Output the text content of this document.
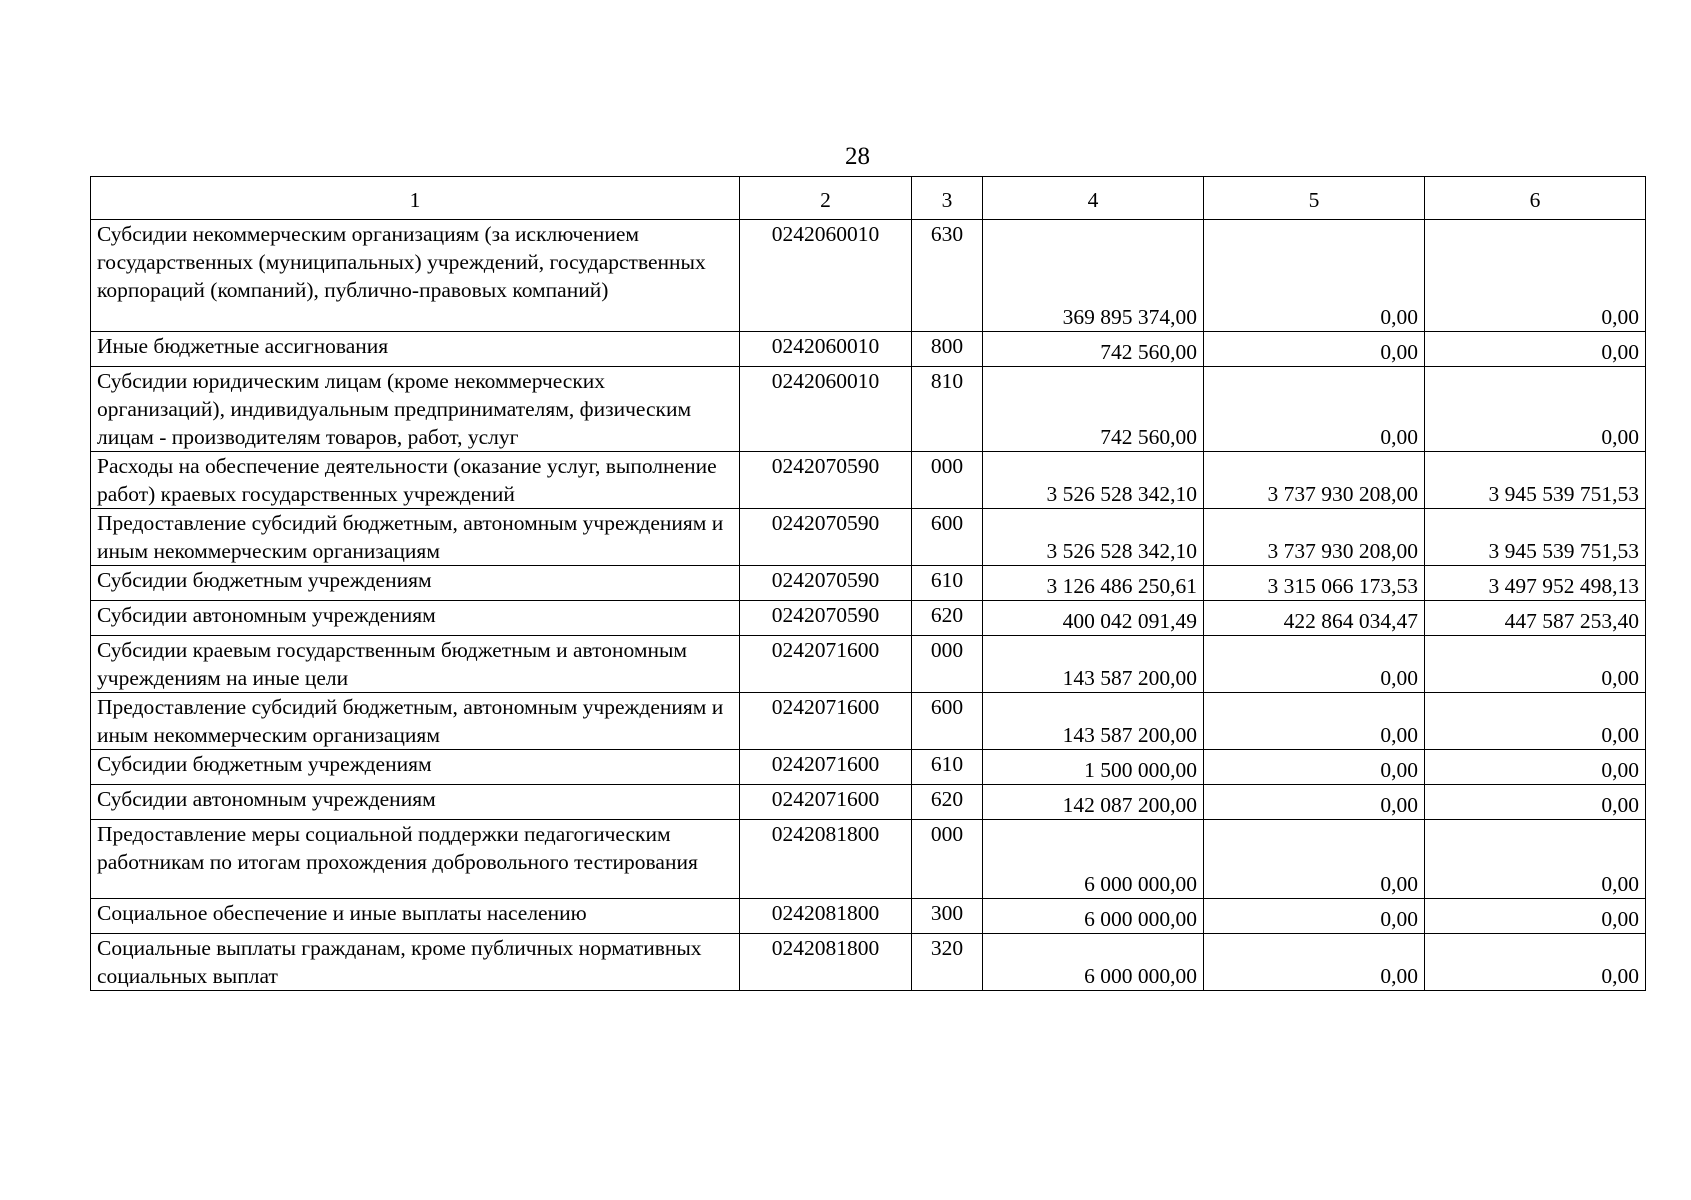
28
1	2	3	4	5	6
Субсидии некоммерческим организациям (за исключением государственных (муниципальных) учреждений, государственных корпораций (компаний), публично-правовых компаний)	0242060010	630	369 895 374,00	0,00	0,00
Иные бюджетные ассигнования	0242060010	800	742 560,00	0,00	0,00
Субсидии юридическим лицам (кроме некоммерческих организаций), индивидуальным предпринимателям, физическим лицам - производителям товаров, работ, услуг	0242060010	810	742 560,00	0,00	0,00
Расходы на обеспечение деятельности (оказание услуг, выполнение работ) краевых государственных учреждений	0242070590	000	3 526 528 342,10	3 737 930 208,00	3 945 539 751,53
Предоставление субсидий бюджетным, автономным учреждениям и иным некоммерческим организациям	0242070590	600	3 526 528 342,10	3 737 930 208,00	3 945 539 751,53
Субсидии бюджетным учреждениям	0242070590	610	3 126 486 250,61	3 315 066 173,53	3 497 952 498,13
Субсидии автономным учреждениям	0242070590	620	400 042 091,49	422 864 034,47	447 587 253,40
Субсидии краевым государственным бюджетным и автономным учреждениям на иные цели	0242071600	000	143 587 200,00	0,00	0,00
Предоставление субсидий бюджетным, автономным учреждениям и иным некоммерческим организациям	0242071600	600	143 587 200,00	0,00	0,00
Субсидии бюджетным учреждениям	0242071600	610	1 500 000,00	0,00	0,00
Субсидии автономным учреждениям	0242071600	620	142 087 200,00	0,00	0,00
Предоставление меры социальной поддержки педагогическим работникам по итогам прохождения добровольного тестирования	0242081800	000	6 000 000,00	0,00	0,00
Социальное обеспечение и иные выплаты населению	0242081800	300	6 000 000,00	0,00	0,00
Социальные выплаты гражданам, кроме публичных нормативных социальных выплат	0242081800	320	6 000 000,00	0,00	0,00
